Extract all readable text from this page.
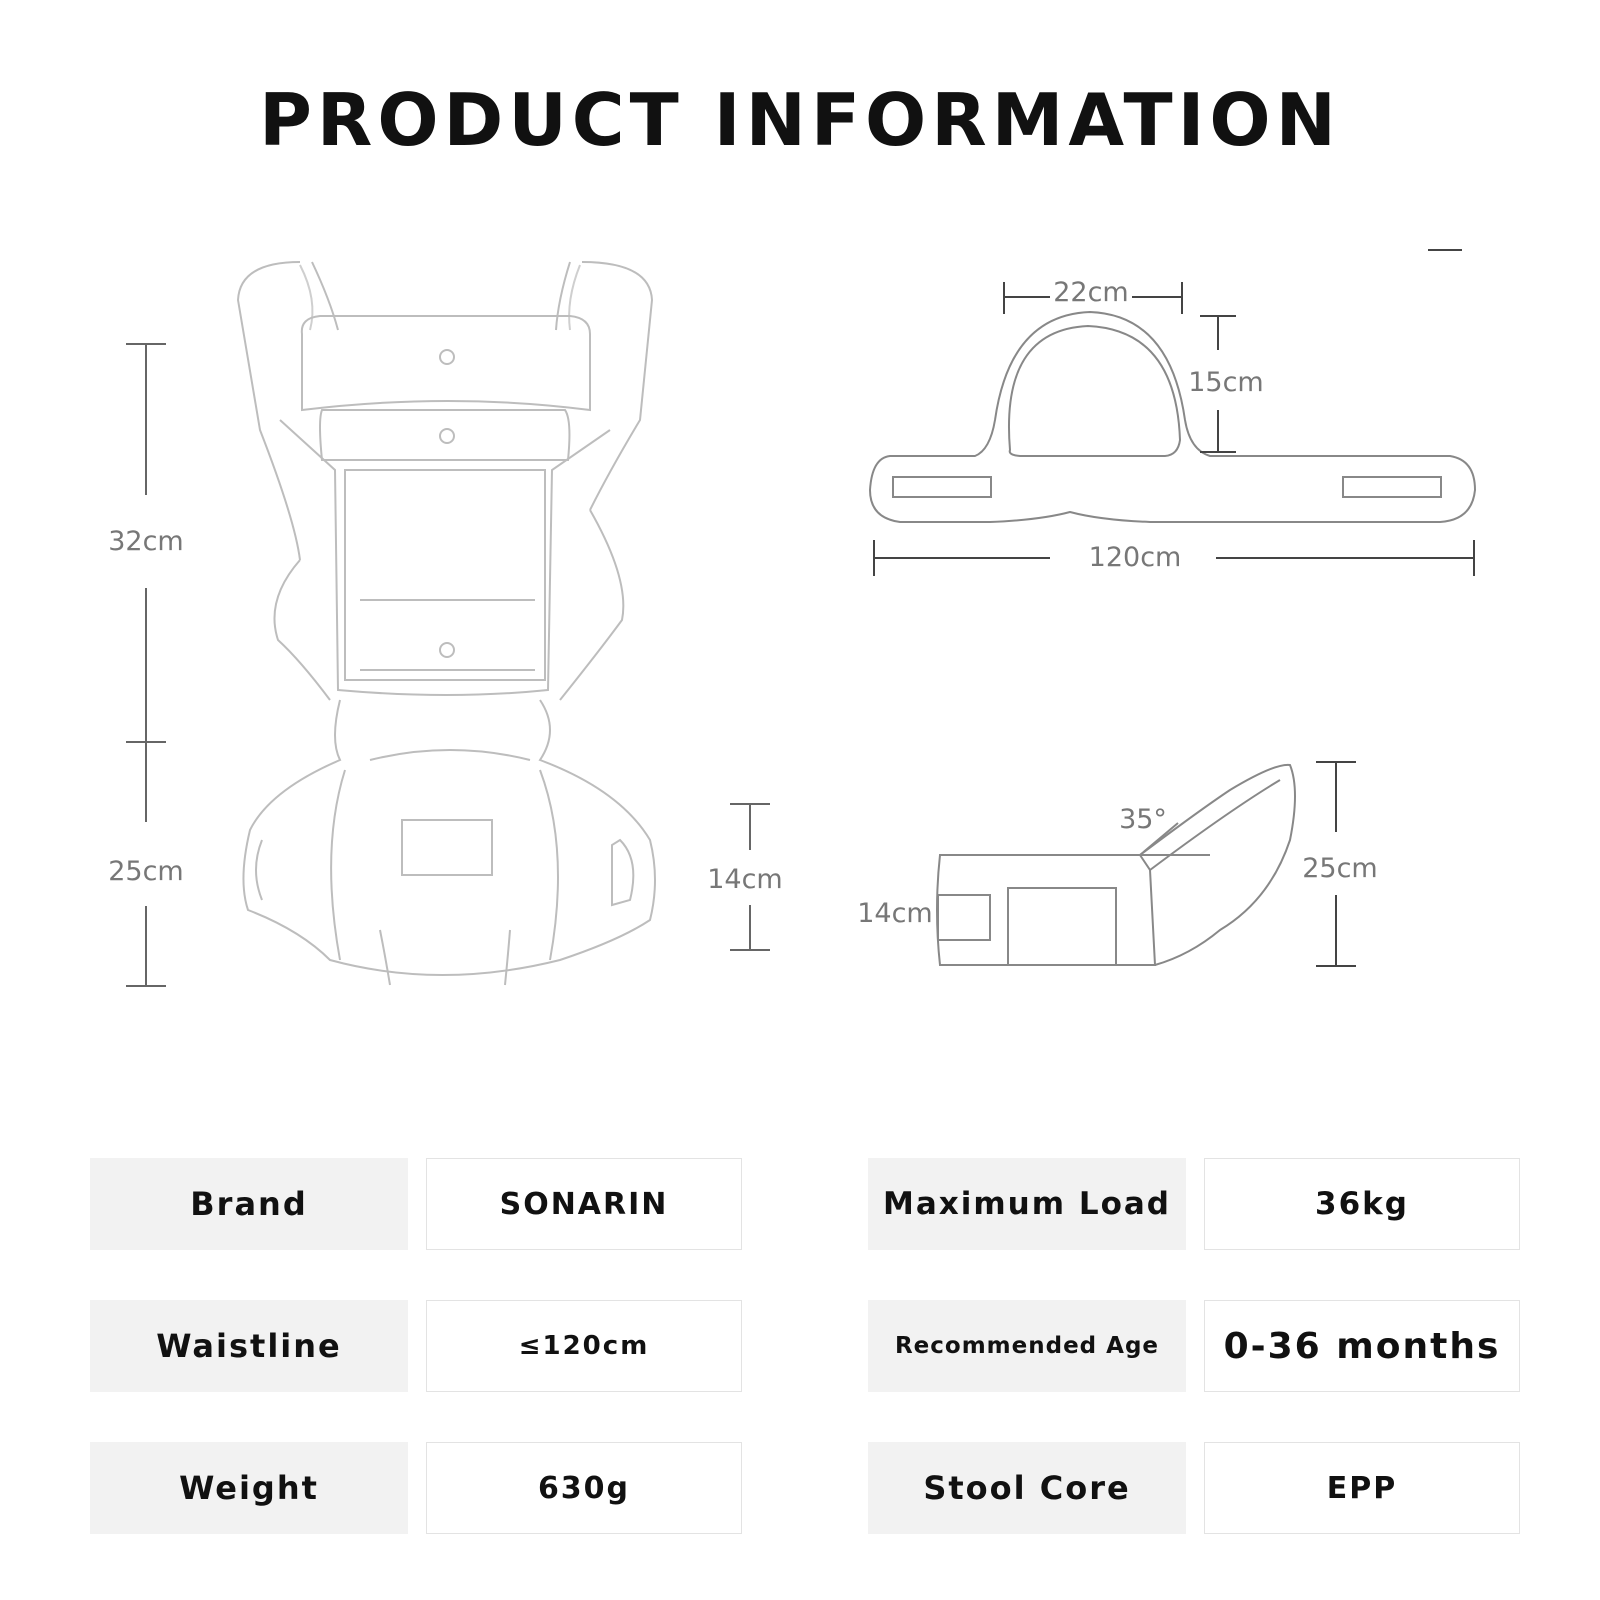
PRODUCT INFORMATION
32cm
25cm	14cm
22cm
15cm
120cm
35°
25cm
14cm
Brand	SONARIN	Maximum Load	36kg
Waistline	≤120cm	Recommended Age	0-36 months
Weight	630g	Stool Core	EPP
